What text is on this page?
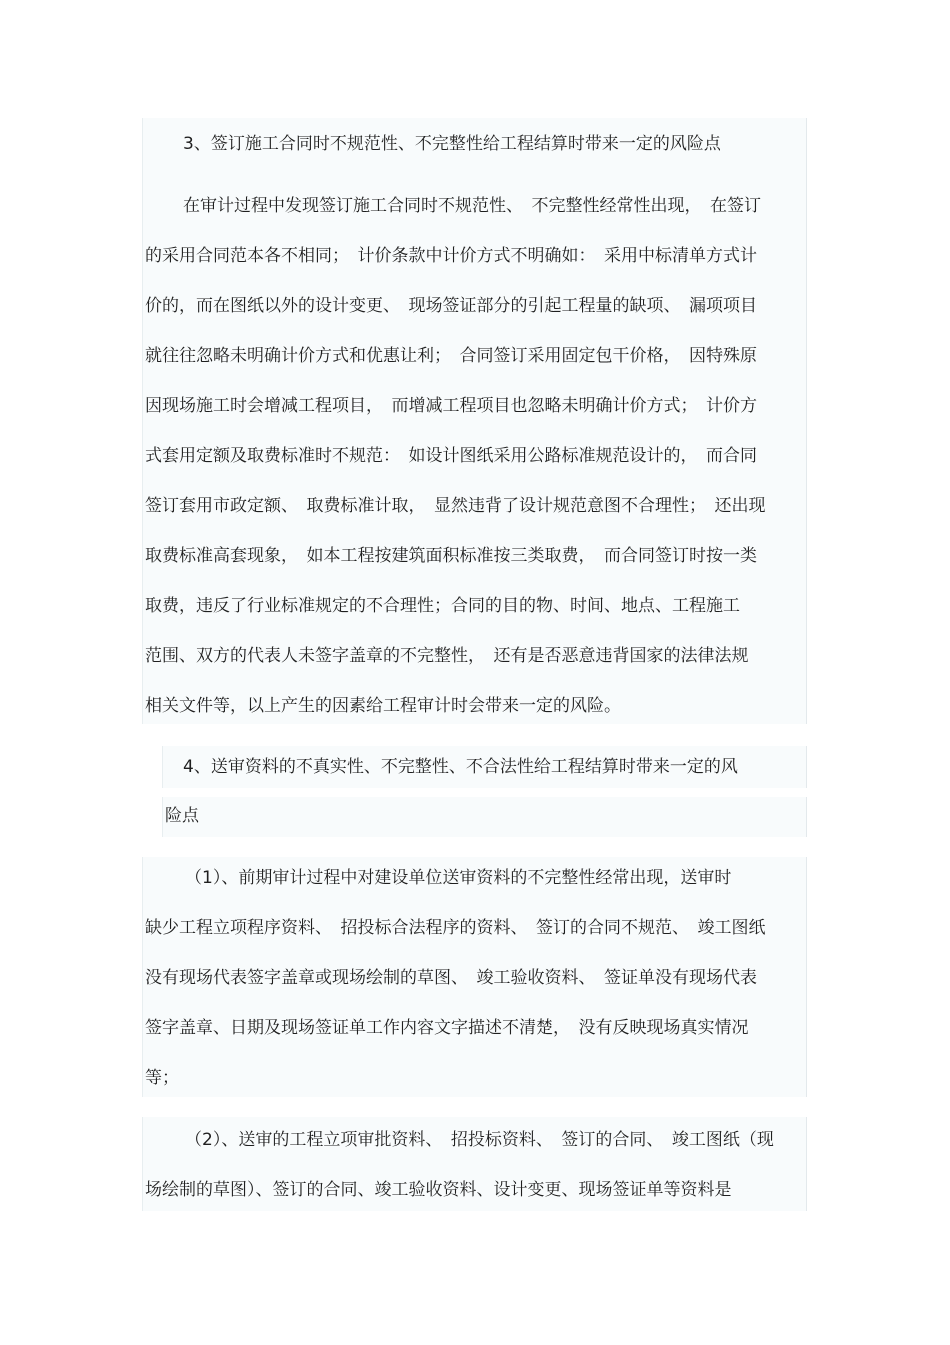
3、签订施工合同时不规范性、不完整性给工程结算时带来一定的风险点
在审计过程中发现签订施工合同时不规范性、　不完整性经常性出现，　在签订
的采用合同范本各不相同；　计价条款中计价方式不明确如：　采用中标清单方式计
价的，而在图纸以外的设计变更、　现场签证部分的引起工程量的缺项、　漏项项目
就往往忽略未明确计价方式和优惠让利；　合同签订采用固定包干价格，　因特殊原
因现场施工时会增减工程项目，　而增减工程项目也忽略未明确计价方式；　计价方
式套用定额及取费标准时不规范：　如设计图纸采用公路标准规范设计的，　而合同
签订套用市政定额、　取费标准计取，　显然违背了设计规范意图不合理性；　还出现
取费标准高套现象，　如本工程按建筑面积标准按三类取费，　而合同签订时按一类
取费，违反了行业标准规定的不合理性；合同的目的物、时间、地点、工程施工
范围、双方的代表人未签字盖章的不完整性，　还有是否恶意违背国家的法律法规
相关文件等，以上产生的因素给工程审计时会带来一定的风险。
4、送审资料的不真实性、不完整性、不合法性给工程结算时带来一定的风
险点
（1）、前期审计过程中对建设单位送审资料的不完整性经常出现，送审时
缺少工程立项程序资料、　招投标合法程序的资料、　签订的合同不规范、　竣工图纸
没有现场代表签字盖章或现场绘制的草图、　竣工验收资料、　签证单没有现场代表
签字盖章、日期及现场签证单工作内容文字描述不清楚，　没有反映现场真实情况
等；
（2）、送审的工程立项审批资料、　招投标资料、　签订的合同、　竣工图纸（现
场绘制的草图）、签订的合同、竣工验收资料、设计变更、现场签证单等资料是
